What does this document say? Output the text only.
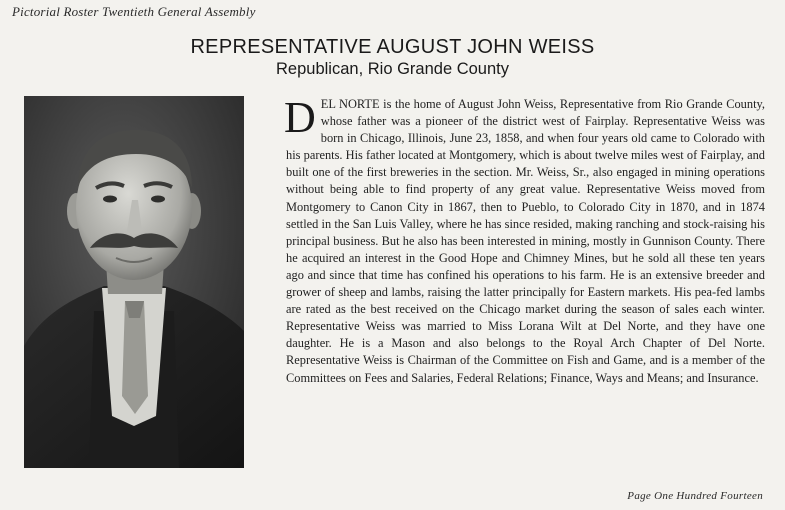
Pictorial Roster Twentieth General Assembly
REPRESENTATIVE AUGUST JOHN WEISS
Republican, Rio Grande County
DEL NORTE is the home of August John Weiss, Representative from Rio Grande County, whose father was a pioneer of the district west of Fairplay. Representative Weiss was born in Chicago, Illinois, June 23, 1858, and when four years old came to Colorado with his parents. His father located at Montgomery, which is about twelve miles west of Fairplay, and built one of the first breweries in the section. Mr. Weiss, Sr., also engaged in mining operations without being able to find property of any great value. Representative Weiss moved from Montgomery to Canon City in 1867, then to Pueblo, to Colorado City in 1870, and in 1874 settled in the San Luis Valley, where he has since resided, making ranching and stock-raising his principal business. But he also has been interested in mining, mostly in Gunnison County. There he acquired an interest in the Good Hope and Chimney Mines, but he sold all these ten years ago and since that time has confined his operations to his farm. He is an extensive breeder and grower of sheep and lambs, raising the latter principally for Eastern markets. His pea-fed lambs are rated as the best received on the Chicago market during the season of sales each winter. Representative Weiss was married to Miss Lorana Wilt at Del Norte, and they have one daughter. He is a Mason and also belongs to the Royal Arch Chapter of Del Norte. Representative Weiss is Chairman of the Committee on Fish and Game, and is a member of the Committees on Fees and Salaries, Federal Relations; Finance, Ways and Means; and Insurance.
Page One Hundred Fourteen
